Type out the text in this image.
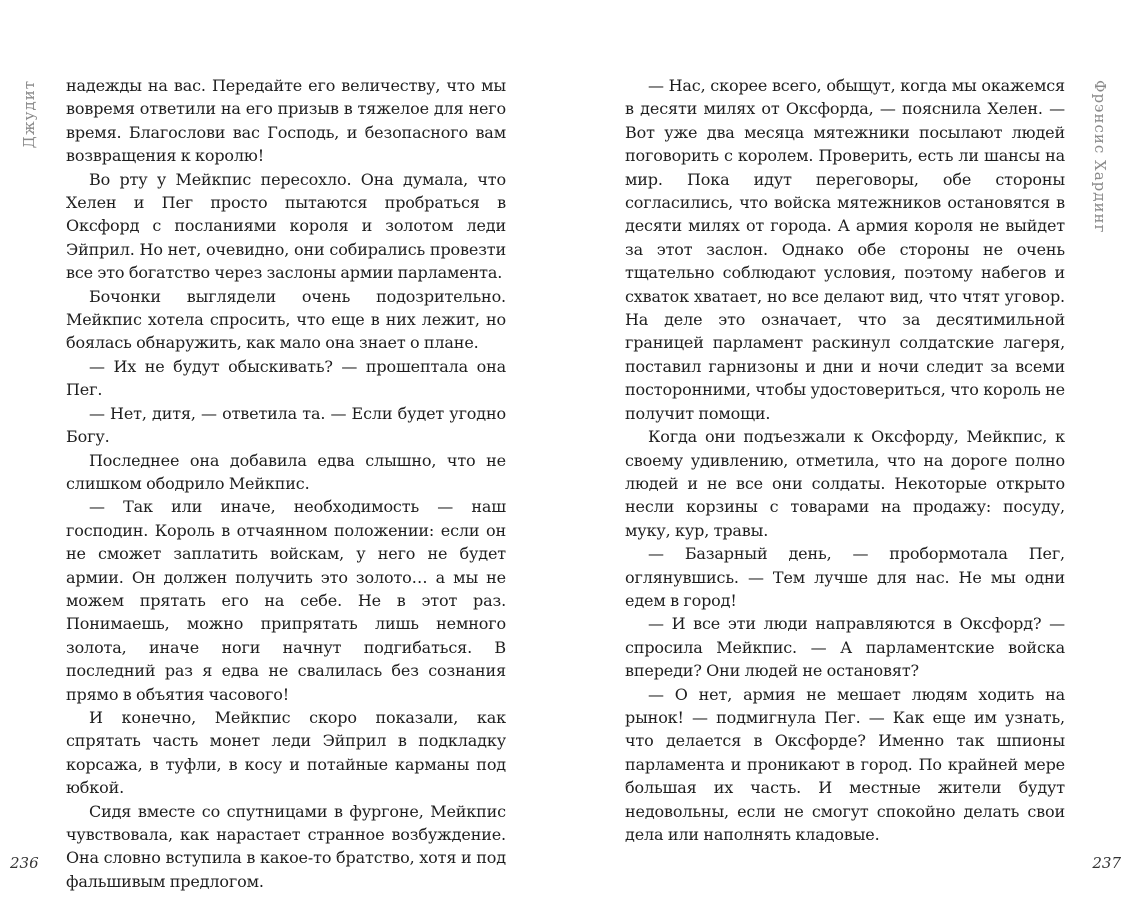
Джудит надежды на вас. Передайте его величеству, что мы вовремя ответили на его призыв в тяжелое для него время. Благослови вас Господь, и безопасного вам возвращения к королю!

Во рту у Мейкпис пересохло. Она думала, что Хелен и Пег просто пытаются пробраться в Оксфорд с посланиями короля и золотом леди Эйприл. Но нет, очевидно, они собирались провезти все это богатство через заслоны армии парламента.

Бочонки выглядели очень подозрительно. Мейкпис хотела спросить, что еще в них лежит, но боялась обнаружить, как мало она знает о плане.

— Их не будут обыскивать? — прошептала она Пег.

— Нет, дитя, — ответила та. — Если будет угодно Богу.

Последнее она добавила едва слышно, что не слишком ободрило Мейкпис.

— Так или иначе, необходимость — наш господин. Король в отчаянном положении: если он не сможет заплатить войскам, у него не будет армии. Он должен получить это золото… а мы не можем прятать его на себе. Не в этот раз. Понимаешь, можно припрятать лишь немного золота, иначе ноги начнут подгибаться. В последний раз я едва не свалилась без сознания прямо в объятия часового!

И конечно, Мейкпис скоро показали, как спрятать часть монет леди Эйприл в подкладку корсажа, в туфли, в косу и потайные карманы под юбкой.

Сидя вместе со спутницами в фургоне, Мейкпис чувствовала, как нарастает странное возбуждение. Она словно вступила в какое-то братство, хотя и под фальшивым предлогом.

236

— Нас, скорее всего, обыщут, когда мы окажемся в десяти милях от Оксфорда, — пояснила Хелен. — Вот уже два месяца мятежники посылают людей поговорить с королем. Проверить, есть ли шансы на мир. Пока идут переговоры, обе стороны согласились, что войска мятежников остановятся в десяти милях от города. А армия короля не выйдет за этот заслон. Однако обе стороны не очень тщательно соблюдают условия, поэтому набегов и схваток хватает, но все делают вид, что чтят уговор. На деле это означает, что за десятимильной границей парламент раскинул солдатские лагеря, поставил гарнизоны и дни и ночи следит за всеми посторонними, чтобы удостовериться, что король не получит помощи.

Когда они подъезжали к Оксфорду, Мейкпис, к своему удивлению, отметила, что на дороге полно людей и не все они солдаты. Некоторые открыто несли корзины с товарами на продажу: посуду, муку, кур, травы.

— Базарный день, — пробормотала Пег, оглянувшись. — Тем лучше для нас. Не мы одни едем в город!

— И все эти люди направляются в Оксфорд? — спросила Мейкпис. — А парламентские войска впереди? Они людей не остановят?

— О нет, армия не мешает людям ходить на рынок! — подмигнула Пег. — Как еще им узнать, что делается в Оксфорде? Именно так шпионы парламента и проникают в город. По крайней мере большая их часть. И местные жители будут недовольны, если не смогут спокойно делать свои дела или наполнять кладовые.

Фрэнсис Хардинг
237
